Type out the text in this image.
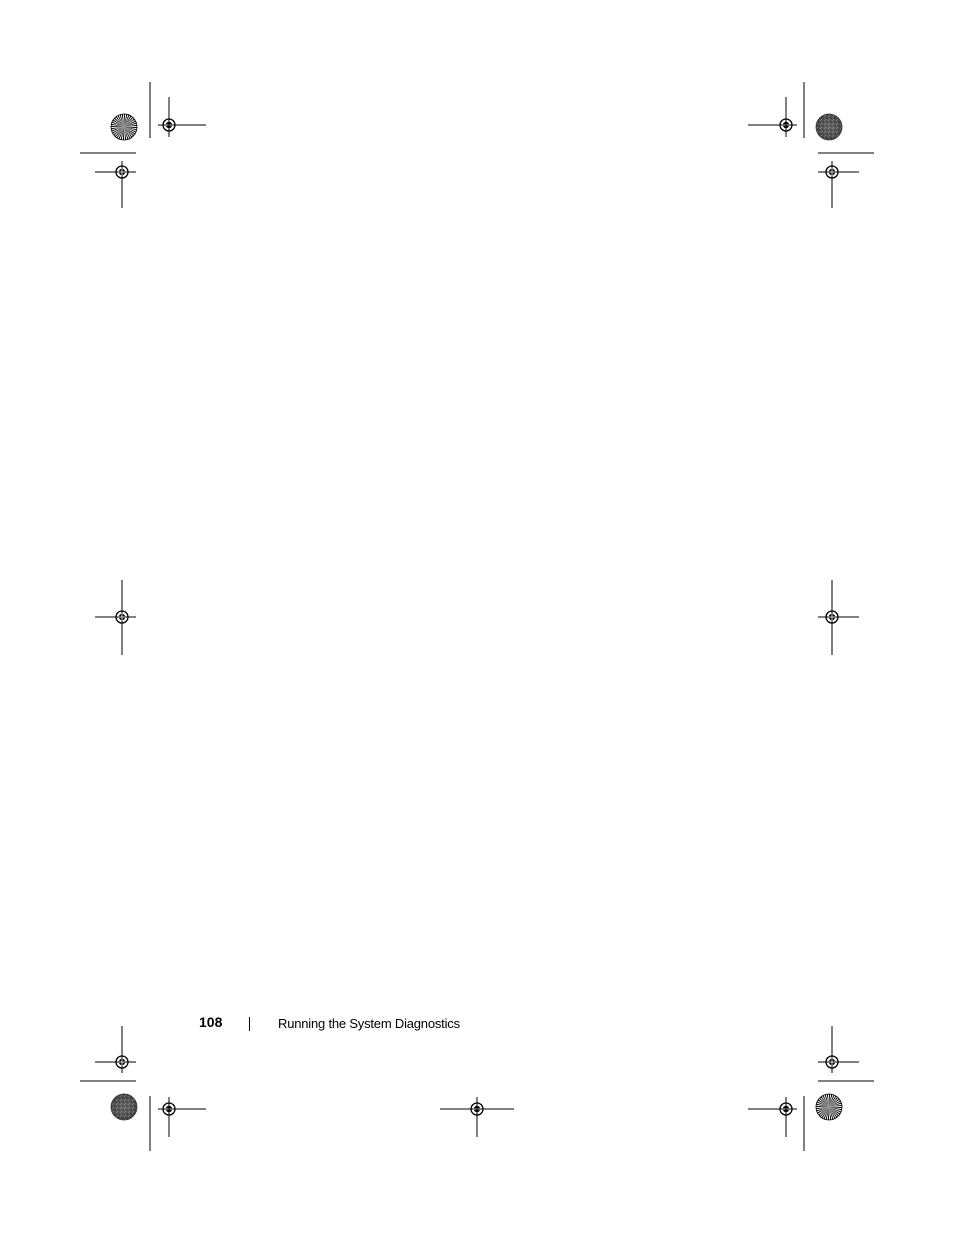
108	Running the System Diagnostics
